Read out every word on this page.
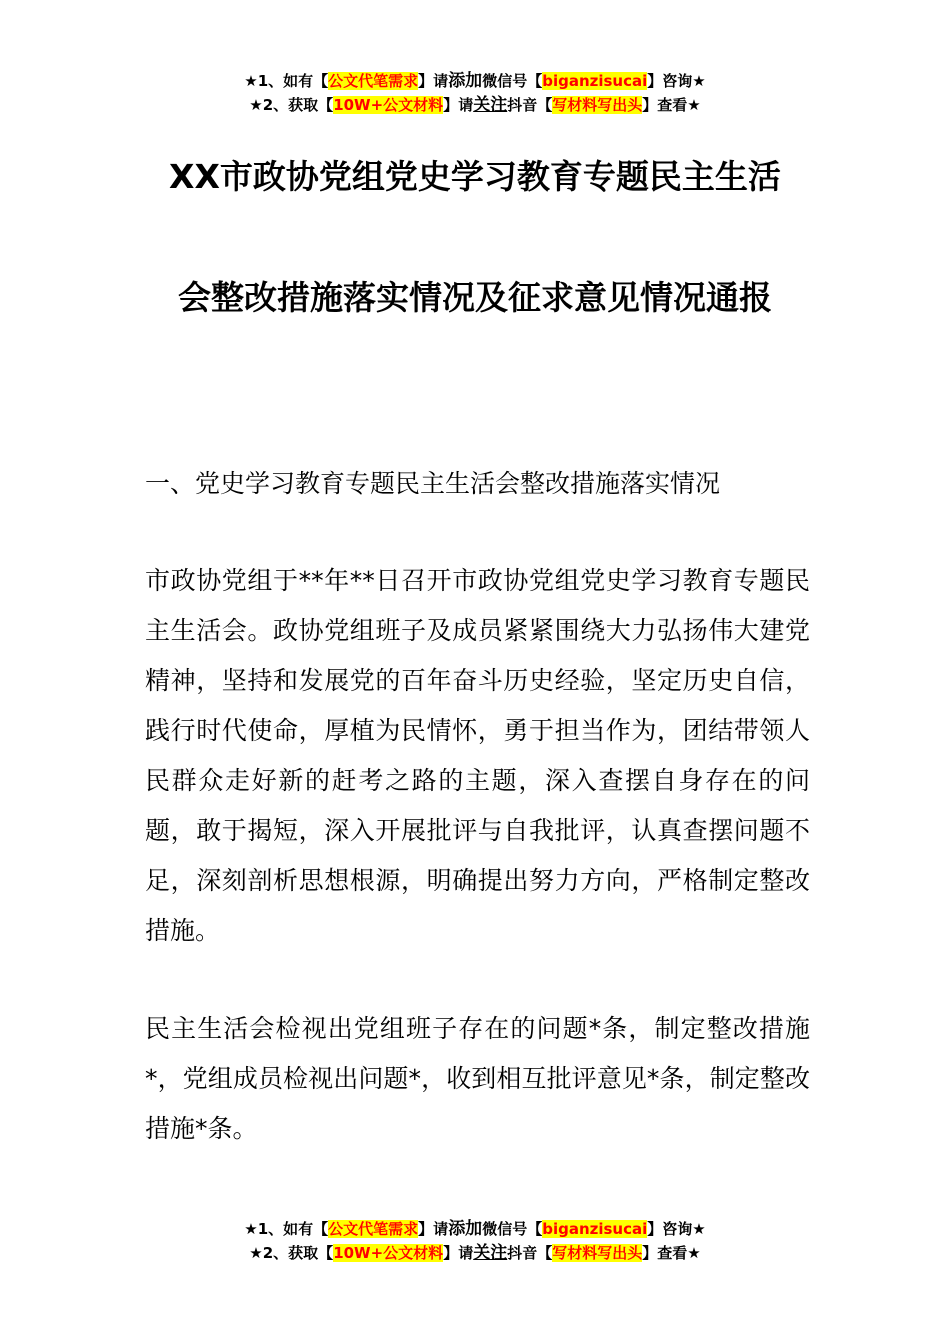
★1、如有【公文代笔需求】请添加微信号【biganzisucai】咨询★
★2、获取【10W+公文材料】请关注抖音【写材料写出头】查看★
XX市政协党组党史学习教育专题民主生活
会整改措施落实情况及征求意见情况通报
一、党史学习教育专题民主生活会整改措施落实情况

市政协党组于**年**日召开市政协党组党史学习教育专题民主生活会。政协党组班子及成员紧紧围绕大力弘扬伟大建党精神，坚持和发展党的百年奋斗历史经验，坚定历史自信，践行时代使命，厚植为民情怀，勇于担当作为，团结带领人民群众走好新的赶考之路的主题，深入查摆自身存在的问题，敢于揭短，深入开展批评与自我批评，认真查摆问题不足，深刻剖析思想根源，明确提出努力方向，严格制定整改措施。

民主生活会检视出党组班子存在的问题*条，制定整改措施*，党组成员检视出问题*，收到相互批评意见*条，制定整改措施*条。

★1、如有【公文代笔需求】请添加微信号【biganzisucai】咨询★
★2、获取【10W+公文材料】请关注抖音【写材料写出头】查看★
